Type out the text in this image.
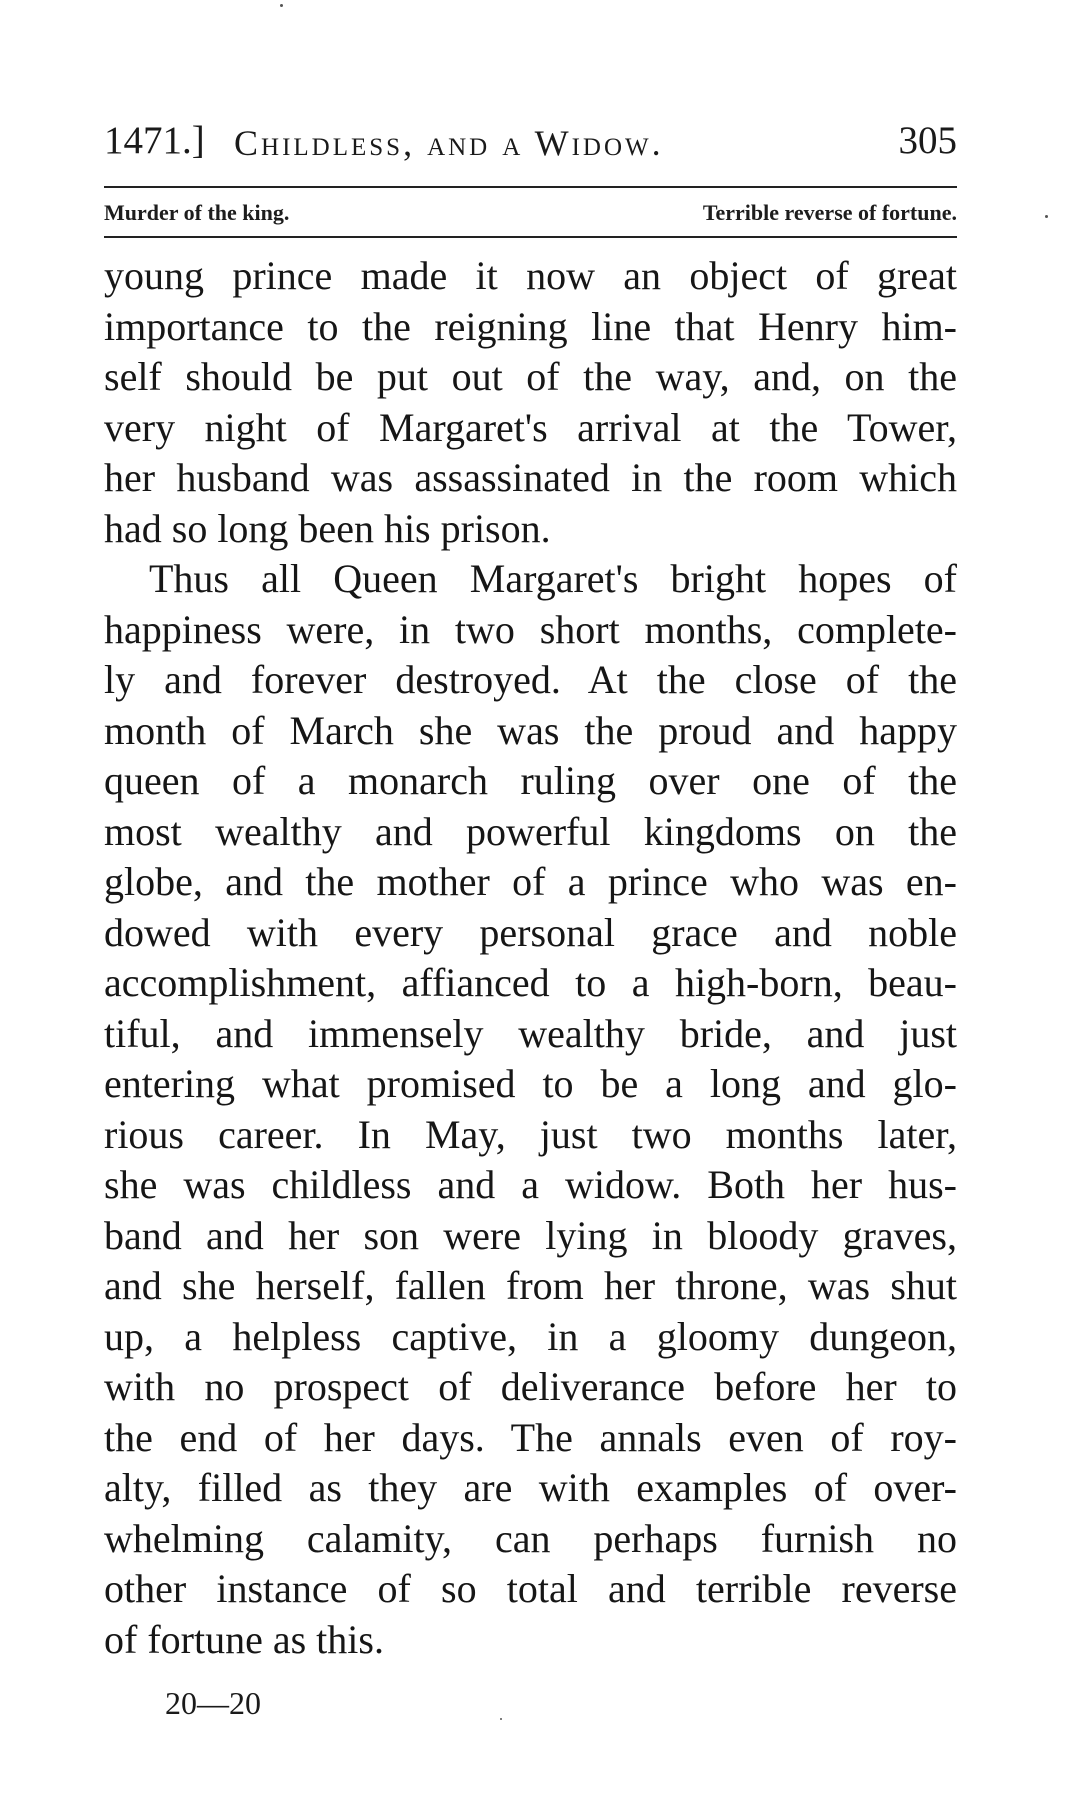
1471.] Childless, and a Widow.	305
Murder of the king.	Terrible reverse of fortune.
young prince made it now an object of great
importance to the reigning line that Henry him-
self should be put out of the way, and, on the
very night of Margaret's arrival at the Tower,
her husband was assassinated in the room which
had so long been his prison.
Thus all Queen Margaret's bright hopes of
happiness were, in two short months, complete-
ly and forever destroyed. At the close of the
month of March she was the proud and happy
queen of a monarch ruling over one of the
most wealthy and powerful kingdoms on the
globe, and the mother of a prince who was en-
dowed with every personal grace and noble
accomplishment, affianced to a high-born, beau-
tiful, and immensely wealthy bride, and just
entering what promised to be a long and glo-
rious career. In May, just two months later,
she was childless and a widow. Both her hus-
band and her son were lying in bloody graves,
and she herself, fallen from her throne, was shut
up, a helpless captive, in a gloomy dungeon,
with no prospect of deliverance before her to
the end of her days. The annals even of roy-
alty, filled as they are with examples of over-
whelming calamity, can perhaps furnish no
other instance of so total and terrible reverse
of fortune as this.
20—20
